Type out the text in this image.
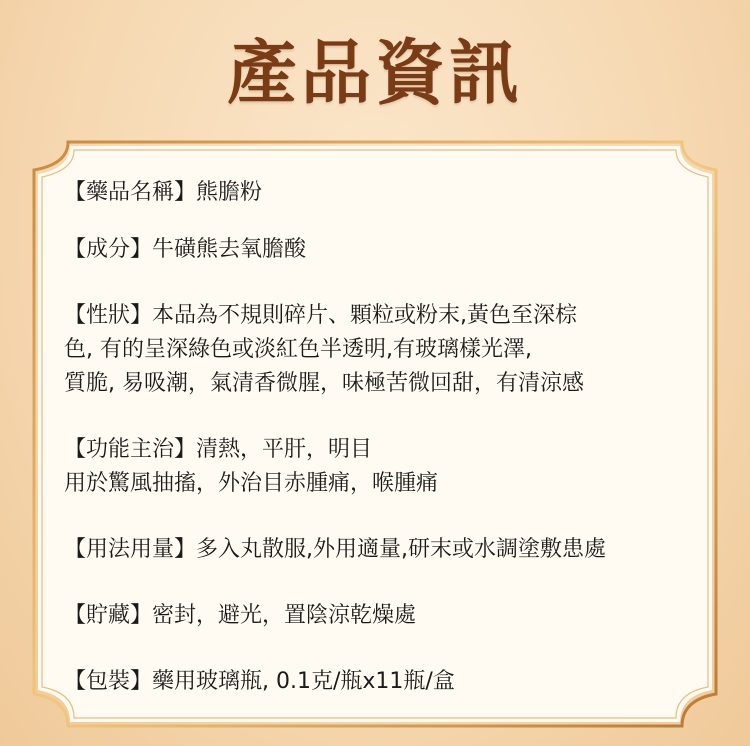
產品資訊

【藥品名稱】熊膽粉

【成分】牛磺熊去氧膽酸

【性狀】本品為不規則碎片、顆粒或粉末,黃色至深棕

色, 有的呈深綠色或淡紅色半透明,有玻璃樣光澤,

質脆, 易吸潮，氣清香微腥，味極苦微回甜，有清涼感

【功能主治】清熱，平肝，明目

用於驚風抽搐，外治目赤腫痛，喉腫痛

【用法用量】多入丸散服,外用適量,研末或水調塗敷患處

【貯藏】密封，避光，置陰涼乾燥處

【包裝】藥用玻璃瓶, 0.1克/瓶x11瓶/盒
